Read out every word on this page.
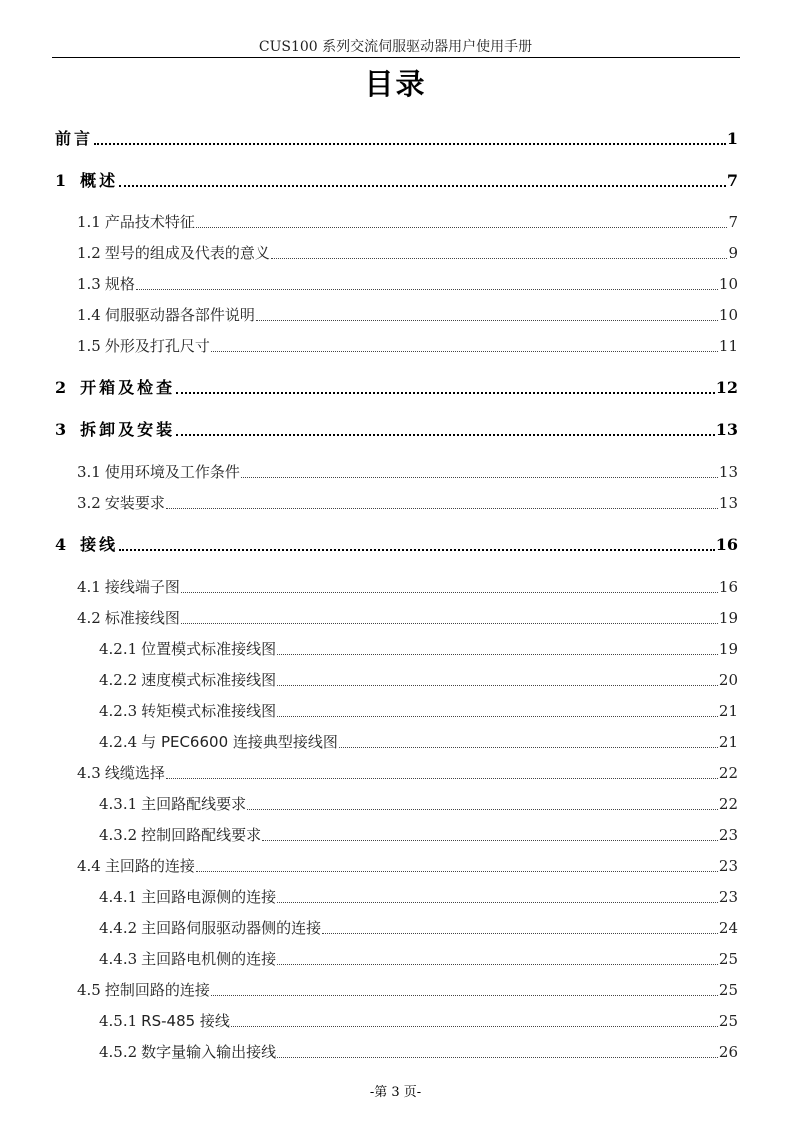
CUS100 系列交流伺服驱动器用户使用手册
目录
前言	1
1 概述	7
1.1 产品技术特征	7
1.2 型号的组成及代表的意义	9
1.3 规格	10
1.4 伺服驱动器各部件说明	10
1.5 外形及打孔尺寸	11
2 开箱及检查	12
3 拆卸及安装	13
3.1 使用环境及工作条件	13
3.2 安装要求	13
4 接线	16
4.1 接线端子图	16
4.2 标准接线图	19
4.2.1 位置模式标准接线图	19
4.2.2 速度模式标准接线图	20
4.2.3 转矩模式标准接线图	21
4.2.4 与 PEC6600 连接典型接线图	21
4.3 线缆选择	22
4.3.1 主回路配线要求	22
4.3.2 控制回路配线要求	23
4.4 主回路的连接	23
4.4.1 主回路电源侧的连接	23
4.4.2 主回路伺服驱动器侧的连接	24
4.4.3 主回路电机侧的连接	25
4.5 控制回路的连接	25
4.5.1 RS-485 接线	25
4.5.2 数字量输入输出接线	26
-第 3 页-
